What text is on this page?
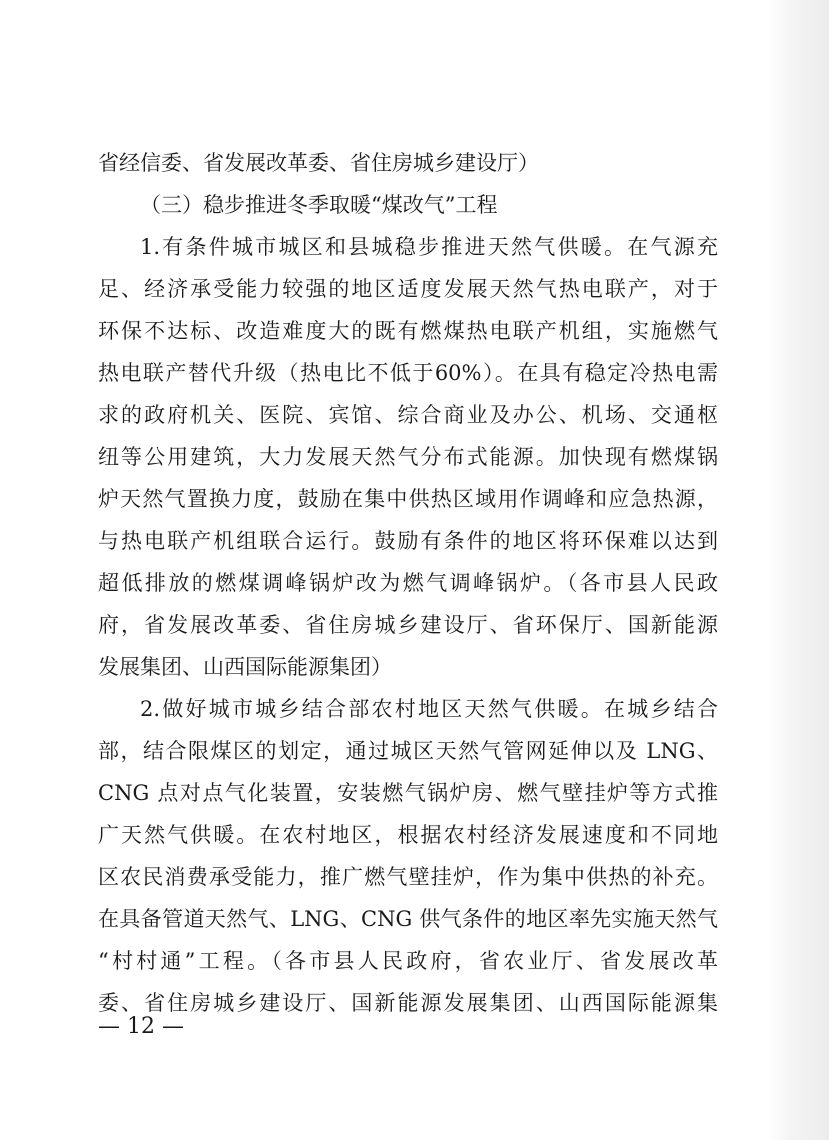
省经信委、省发展改革委、省住房城乡建设厅）
（三）稳步推进冬季取暖“煤改气”工程
1.有条件城市城区和县城稳步推进天然气供暖。在气源充
足、经济承受能力较强的地区适度发展天然气热电联产，对于
环保不达标、改造难度大的既有燃煤热电联产机组，实施燃气
热电联产替代升级（热电比不低于60%）。在具有稳定冷热电需
求的政府机关、医院、宾馆、综合商业及办公、机场、交通枢
纽等公用建筑，大力发展天然气分布式能源。加快现有燃煤锅
炉天然气置换力度，鼓励在集中供热区域用作调峰和应急热源，
与热电联产机组联合运行。鼓励有条件的地区将环保难以达到
超低排放的燃煤调峰锅炉改为燃气调峰锅炉。（各市县人民政
府，省发展改革委、省住房城乡建设厅、省环保厅、国新能源
发展集团、山西国际能源集团）
2.做好城市城乡结合部农村地区天然气供暖。在城乡结合
部，结合限煤区的划定，通过城区天然气管网延伸以及 LNG、
CNG 点对点气化装置，安装燃气锅炉房、燃气壁挂炉等方式推
广天然气供暖。在农村地区，根据农村经济发展速度和不同地
区农民消费承受能力，推广燃气壁挂炉，作为集中供热的补充。
在具备管道天然气、LNG、CNG 供气条件的地区率先实施天然气
“村村通”工程。（各市县人民政府，省农业厅、省发展改革
委、省住房城乡建设厅、国新能源发展集团、山西国际能源集
— 12 —
